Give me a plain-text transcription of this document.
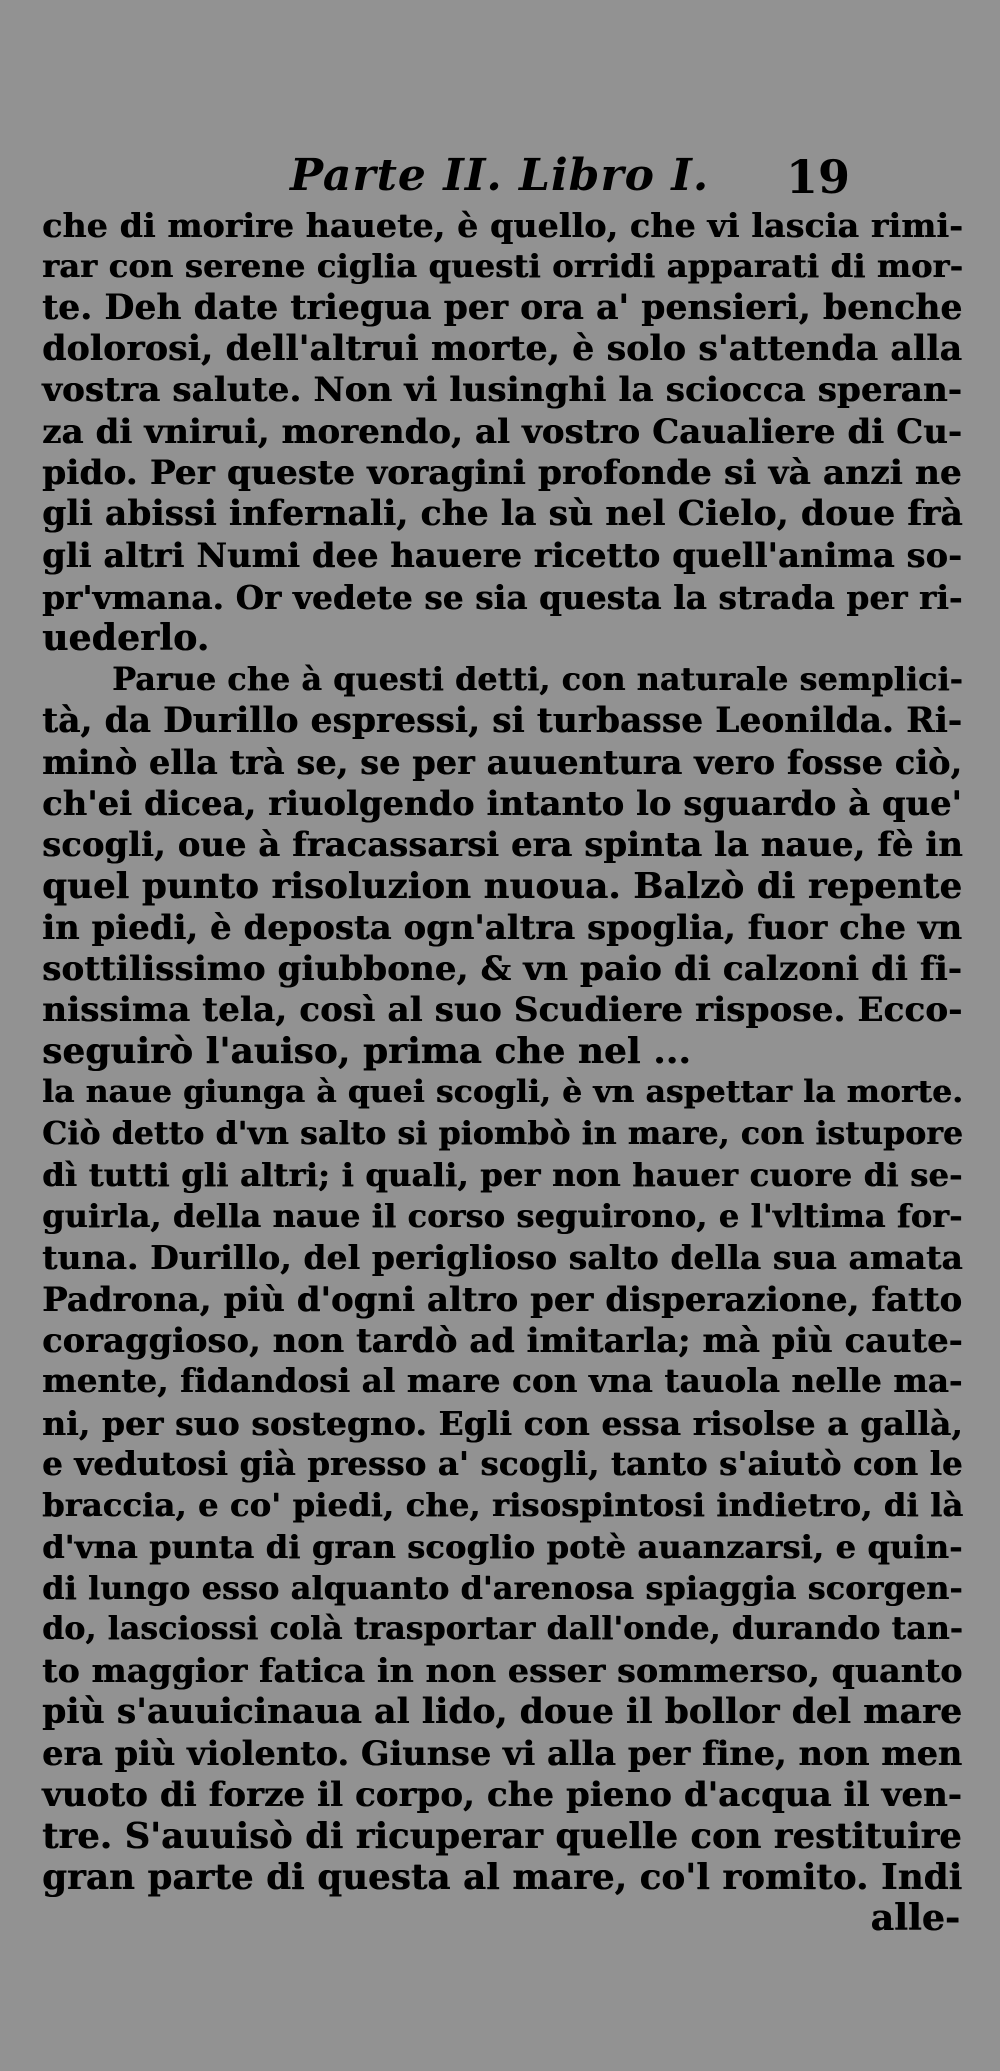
Parte II. Libro I. 19
che di morire hauete, è quello, che vi lascia rimi-
rar con serene ciglia questi orridi apparati di mor-
te. Deh date triegua per ora a' pensieri, benche
dolorosi, dell'altrui morte, è solo s'attenda alla
vostra salute. Non vi lusinghi la sciocca speran-
za di vnirui, morendo, al vostro Caualiere di Cu-
pido. Per queste voragini profonde si và anzi ne
gli abissi infernali, che la sù nel Cielo, doue frà
gli altri Numi dee hauere ricetto quell'anima so-
pr'vmana. Or vedete se sia questa la strada per ri-
uederlo.
Parue che à questi detti, con naturale semplici-
tà, da Durillo espressi, si turbasse Leonilda. Ri-
minò ella trà se, se per auuentura vero fosse ciò,
ch'ei dicea, riuolgendo intanto lo sguardo à que'
scogli, oue à fracassarsi era spinta la naue, fè in
quel punto risoluzion nuoua. Balzò di repente
in piedi, è deposta ogn'altra spoglia, fuor che vn
sottilissimo giubbone, & vn paio di calzoni di fi-
nissima tela, così al suo Scudiere rispose. Ecco-
seguirò l'auiso, prima che nel ...
la naue giunga à quei scogli, è vn aspettar la morte.
Ciò detto d'vn salto si piombò in mare, con istupore
dì tutti gli altri; i quali, per non hauer cuore di se-
guirla, della naue il corso seguirono, e l'vltima for-
tuna. Durillo, del perigliosо salto della sua amata
Padrona, più d'ogni altro per disperazione, fatto
coraggioso, non tardò ad imitarla; mà più caute-
mente, fidandosi al mare con vna tauola nelle ma-
ni, per suo sostegno. Egli con essa risolse a gallà,
e vedutosi già presso a' scogli, tanto s'aiutò con le
braccia, e co' piedi, che, risospintosi indietro, di là
d'vna punta di gran scoglio potè auanzarsi, e quin-
di lungo esso alquanto d'arenosa spiaggia scorgen-
do, lasciossi colà trasportar dall'onde, durando tan-
to maggior fatica in non esser sommerso, quanto
più s'auuicinaua al lido, doue il bollor del mare
era più violento. Giunse vi alla per fine, non men
vuoto di forze il corpo, che pieno d'acqua il ven-
tre. S'auuisò di ricuperar quelle con restituire
gran parte di questa al mare, co'l romito. Indi
alle-
